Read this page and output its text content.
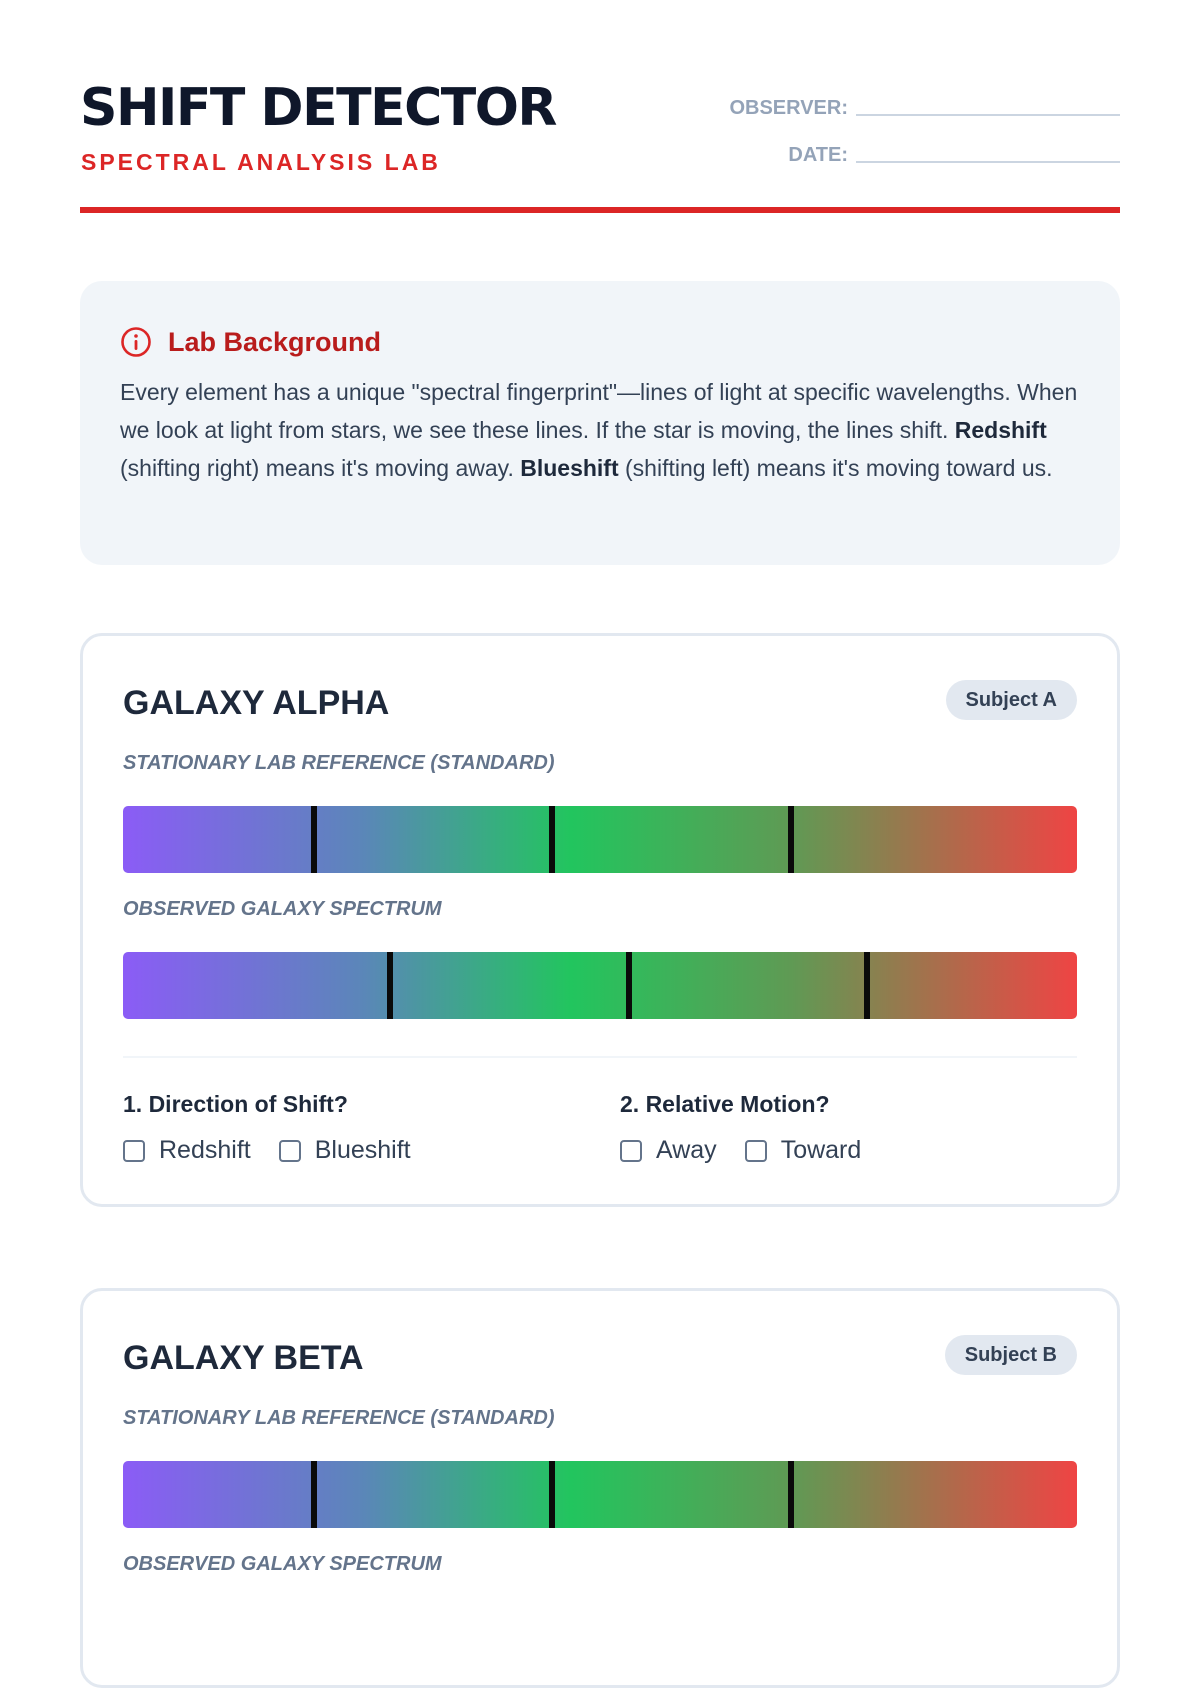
SHIFT DETECTOR
SPECTRAL ANALYSIS LAB
OBSERVER:
DATE:
Lab Background
Every element has a unique "spectral fingerprint"—lines of light at specific wavelengths. When we look at light from stars, we see these lines. If the star is moving, the lines shift. Redshift (shifting right) means it's moving away. Blueshift (shifting left) means it's moving toward us.
GALAXY ALPHA	Subject A
STATIONARY LAB REFERENCE (STANDARD)
OBSERVED GALAXY SPECTRUM
1. Direction of Shift?
Redshift	Blueshift
2. Relative Motion?
Away	Toward
GALAXY BETA	Subject B
STATIONARY LAB REFERENCE (STANDARD)
OBSERVED GALAXY SPECTRUM
